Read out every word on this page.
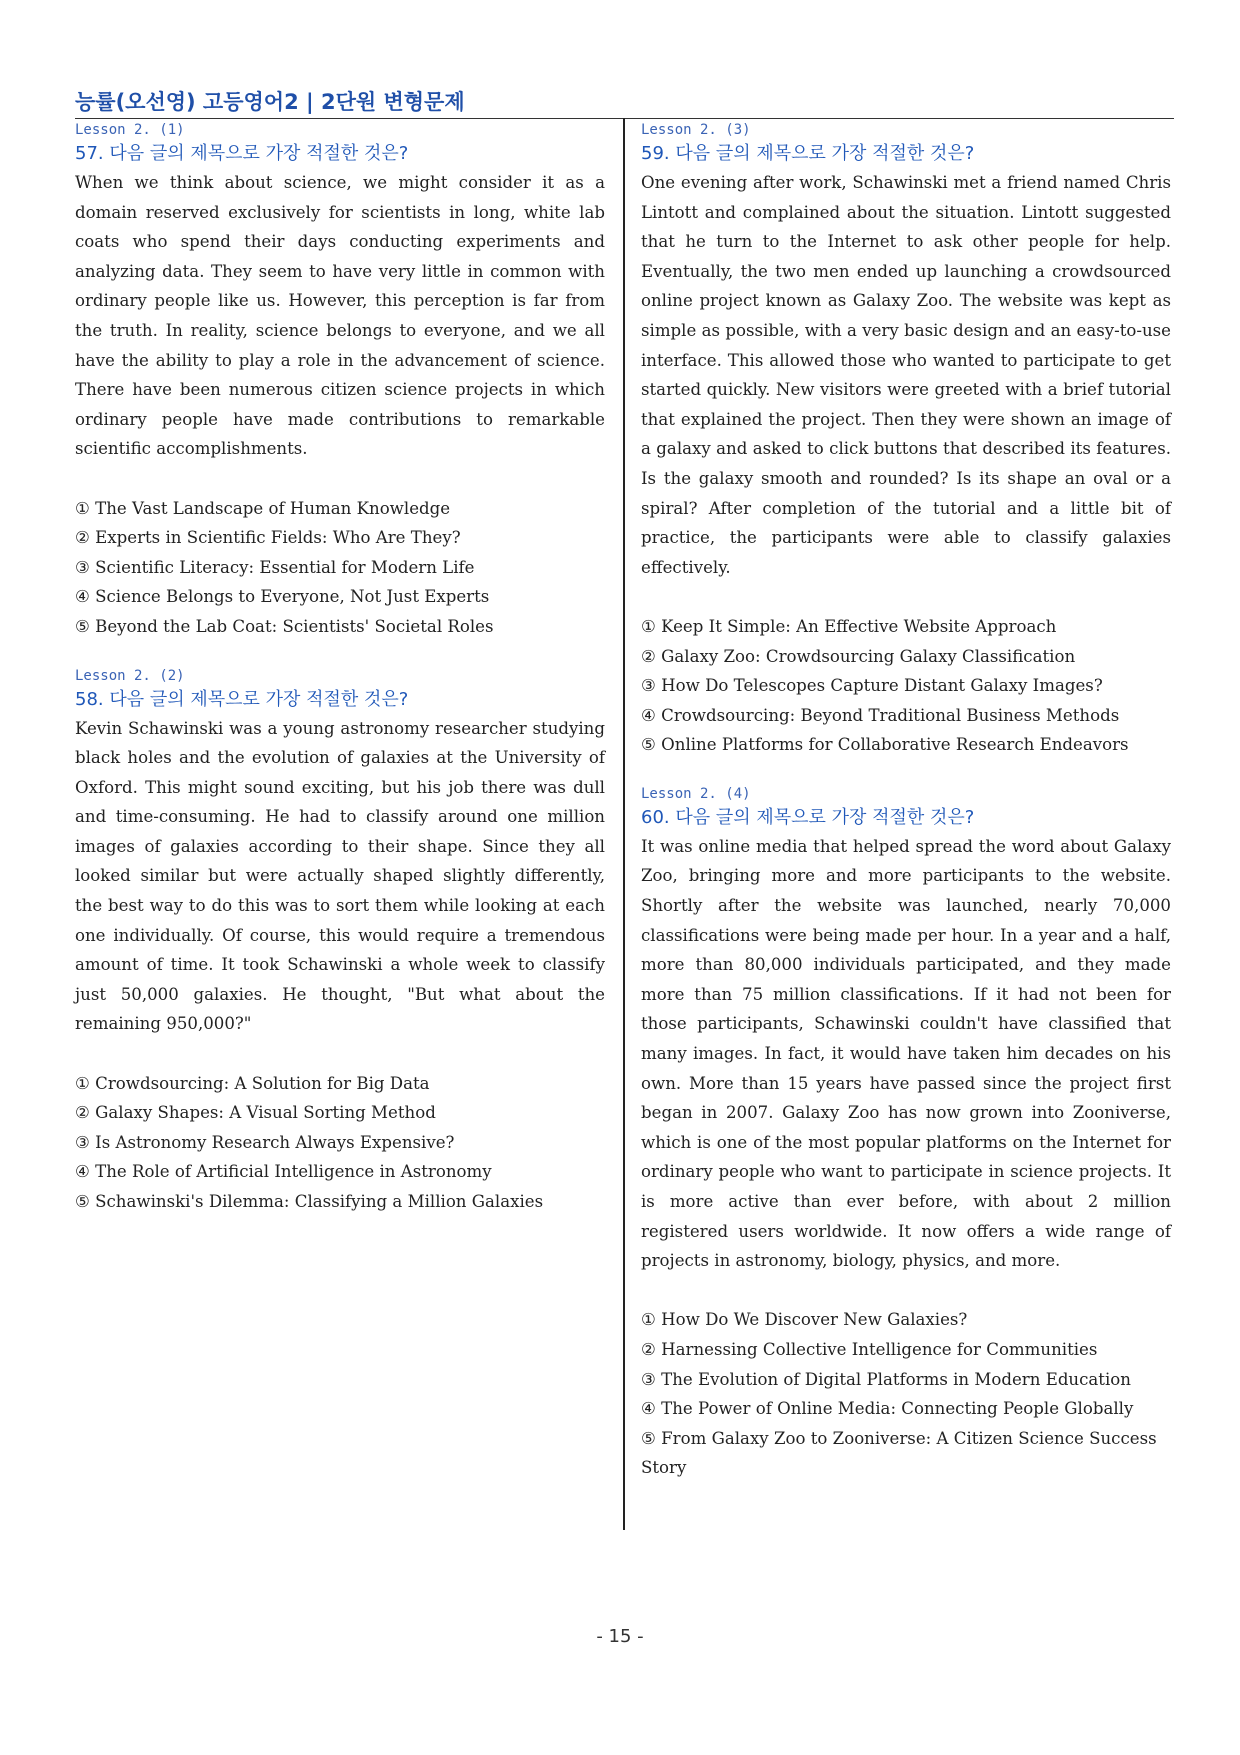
능률(오선영) 고등영어2 | 2단원 변형문제
Lesson 2. (1)
57. 다음 글의 제목으로 가장 적절한 것은?
When we think about science, we might consider it as a domain reserved exclusively for scientists in long, white lab coats who spend their days conducting experiments and analyzing data. They seem to have very little in common with ordinary people like us. However, this perception is far from the truth. In reality, science belongs to everyone, and we all have the ability to play a role in the advancement of science. There have been numerous citizen science projects in which ordinary people have made contributions to remarkable scientific accomplishments.
① The Vast Landscape of Human Knowledge
② Experts in Scientific Fields: Who Are They?
③ Scientific Literacy: Essential for Modern Life
④ Science Belongs to Everyone, Not Just Experts
⑤ Beyond the Lab Coat: Scientists' Societal Roles
Lesson 2. (2)
58. 다음 글의 제목으로 가장 적절한 것은?
Kevin Schawinski was a young astronomy researcher studying black holes and the evolution of galaxies at the University of Oxford. This might sound exciting, but his job there was dull and time-consuming. He had to classify around one million images of galaxies according to their shape. Since they all looked similar but were actually shaped slightly differently, the best way to do this was to sort them while looking at each one individually. Of course, this would require a tremendous amount of time. It took Schawinski a whole week to classify just 50,000 galaxies. He thought, "But what about the remaining 950,000?"
① Crowdsourcing: A Solution for Big Data
② Galaxy Shapes: A Visual Sorting Method
③ Is Astronomy Research Always Expensive?
④ The Role of Artificial Intelligence in Astronomy
⑤ Schawinski's Dilemma: Classifying a Million Galaxies
Lesson 2. (3)
59. 다음 글의 제목으로 가장 적절한 것은?
One evening after work, Schawinski met a friend named Chris Lintott and complained about the situation. Lintott suggested that he turn to the Internet to ask other people for help. Eventually, the two men ended up launching a crowdsourced online project known as Galaxy Zoo. The website was kept as simple as possible, with a very basic design and an easy-to-use interface. This allowed those who wanted to participate to get started quickly. New visitors were greeted with a brief tutorial that explained the project. Then they were shown an image of a galaxy and asked to click buttons that described its features. Is the galaxy smooth and rounded? Is its shape an oval or a spiral? After completion of the tutorial and a little bit of practice, the participants were able to classify galaxies effectively.
① Keep It Simple: An Effective Website Approach
② Galaxy Zoo: Crowdsourcing Galaxy Classification
③ How Do Telescopes Capture Distant Galaxy Images?
④ Crowdsourcing: Beyond Traditional Business Methods
⑤ Online Platforms for Collaborative Research Endeavors
Lesson 2. (4)
60. 다음 글의 제목으로 가장 적절한 것은?
It was online media that helped spread the word about Galaxy Zoo, bringing more and more participants to the website. Shortly after the website was launched, nearly 70,000 classifications were being made per hour. In a year and a half, more than 80,000 individuals participated, and they made more than 75 million classifications. If it had not been for those participants, Schawinski couldn't have classified that many images. In fact, it would have taken him decades on his own. More than 15 years have passed since the project first began in 2007. Galaxy Zoo has now grown into Zooniverse, which is one of the most popular platforms on the Internet for ordinary people who want to participate in science projects. It is more active than ever before, with about 2 million registered users worldwide. It now offers a wide range of projects in astronomy, biology, physics, and more.
① How Do We Discover New Galaxies?
② Harnessing Collective Intelligence for Communities
③ The Evolution of Digital Platforms in Modern Education
④ The Power of Online Media: Connecting People Globally
⑤ From Galaxy Zoo to Zooniverse: A Citizen Science Success Story
- 15 -
